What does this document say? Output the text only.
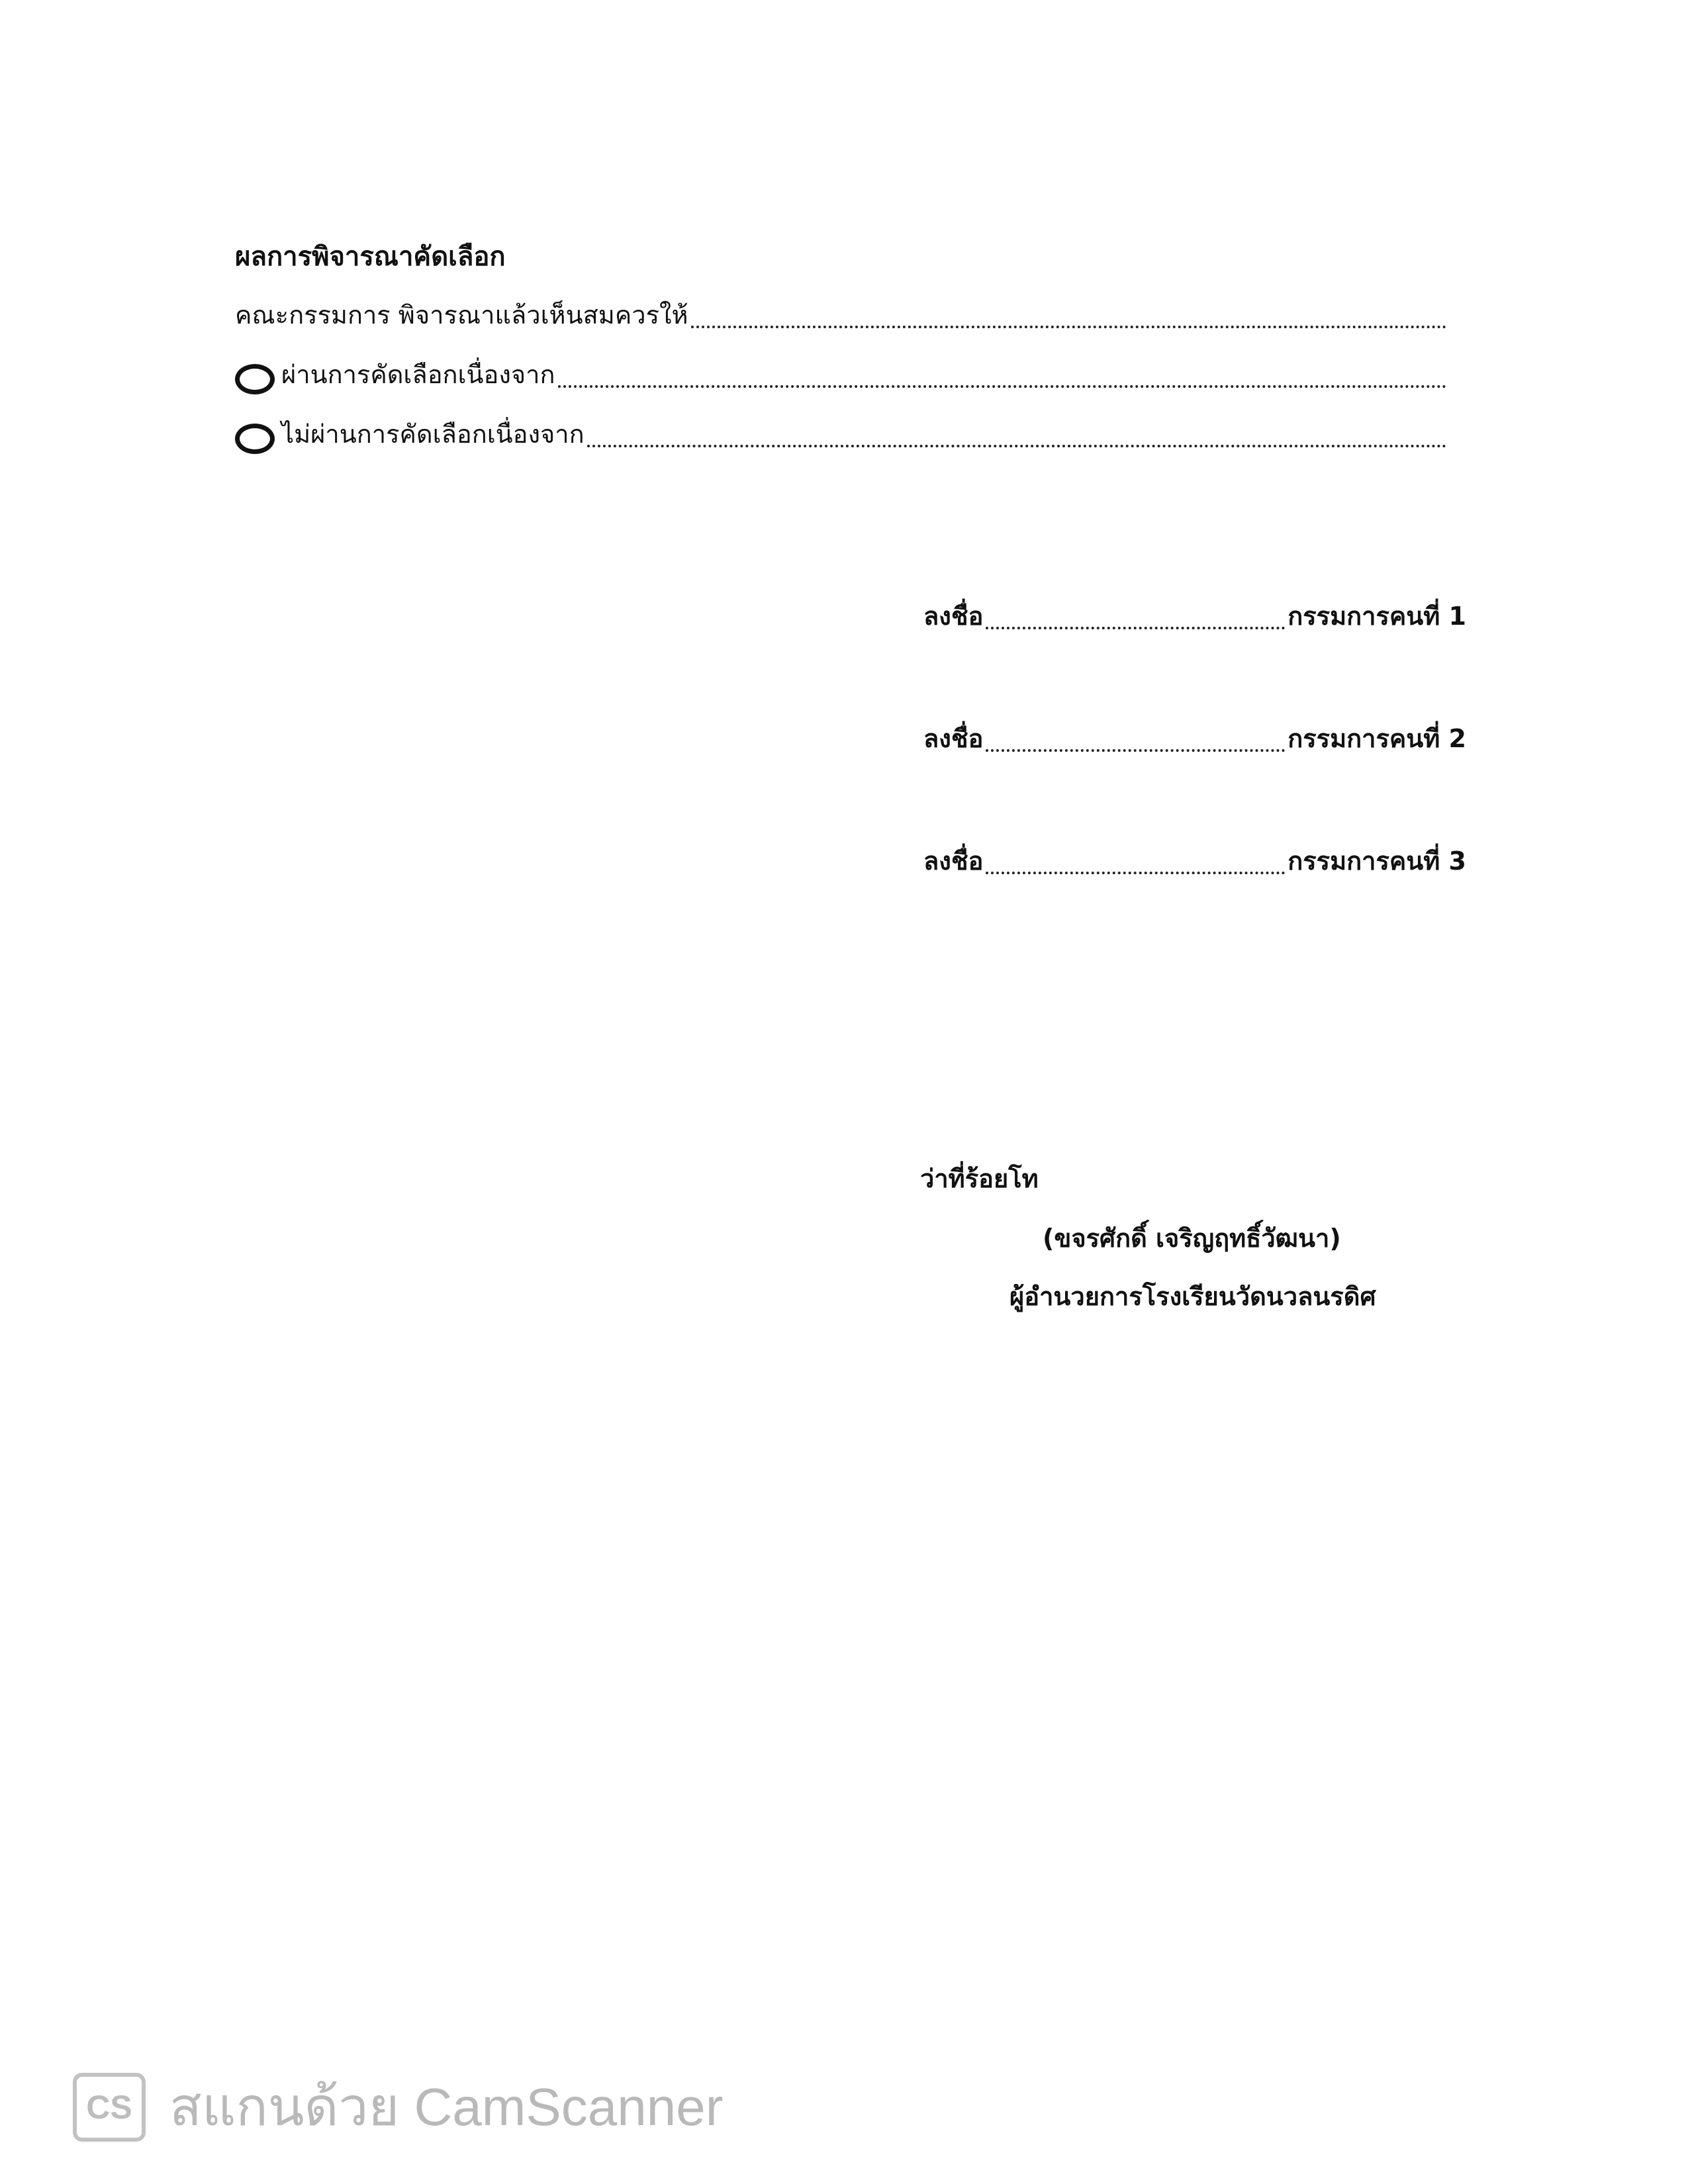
ผลการพิจารณาคัดเลือก
คณะกรรมการ พิจารณาแล้วเห็นสมควรให้
ผ่านการคัดเลือกเนื่องจาก
ไม่ผ่านการคัดเลือกเนื่องจาก
ลงชื่อ	กรรมการคนที่ 1
ลงชื่อ	กรรมการคนที่ 2
ลงชื่อ	กรรมการคนที่ 3
ว่าที่ร้อยโท
(ขจรศักดิ์ เจริญฤทธิ์วัฒนา)
ผู้อำนวยการโรงเรียนวัดนวลนรดิศ
CS สแกนด้วย CamScanner
